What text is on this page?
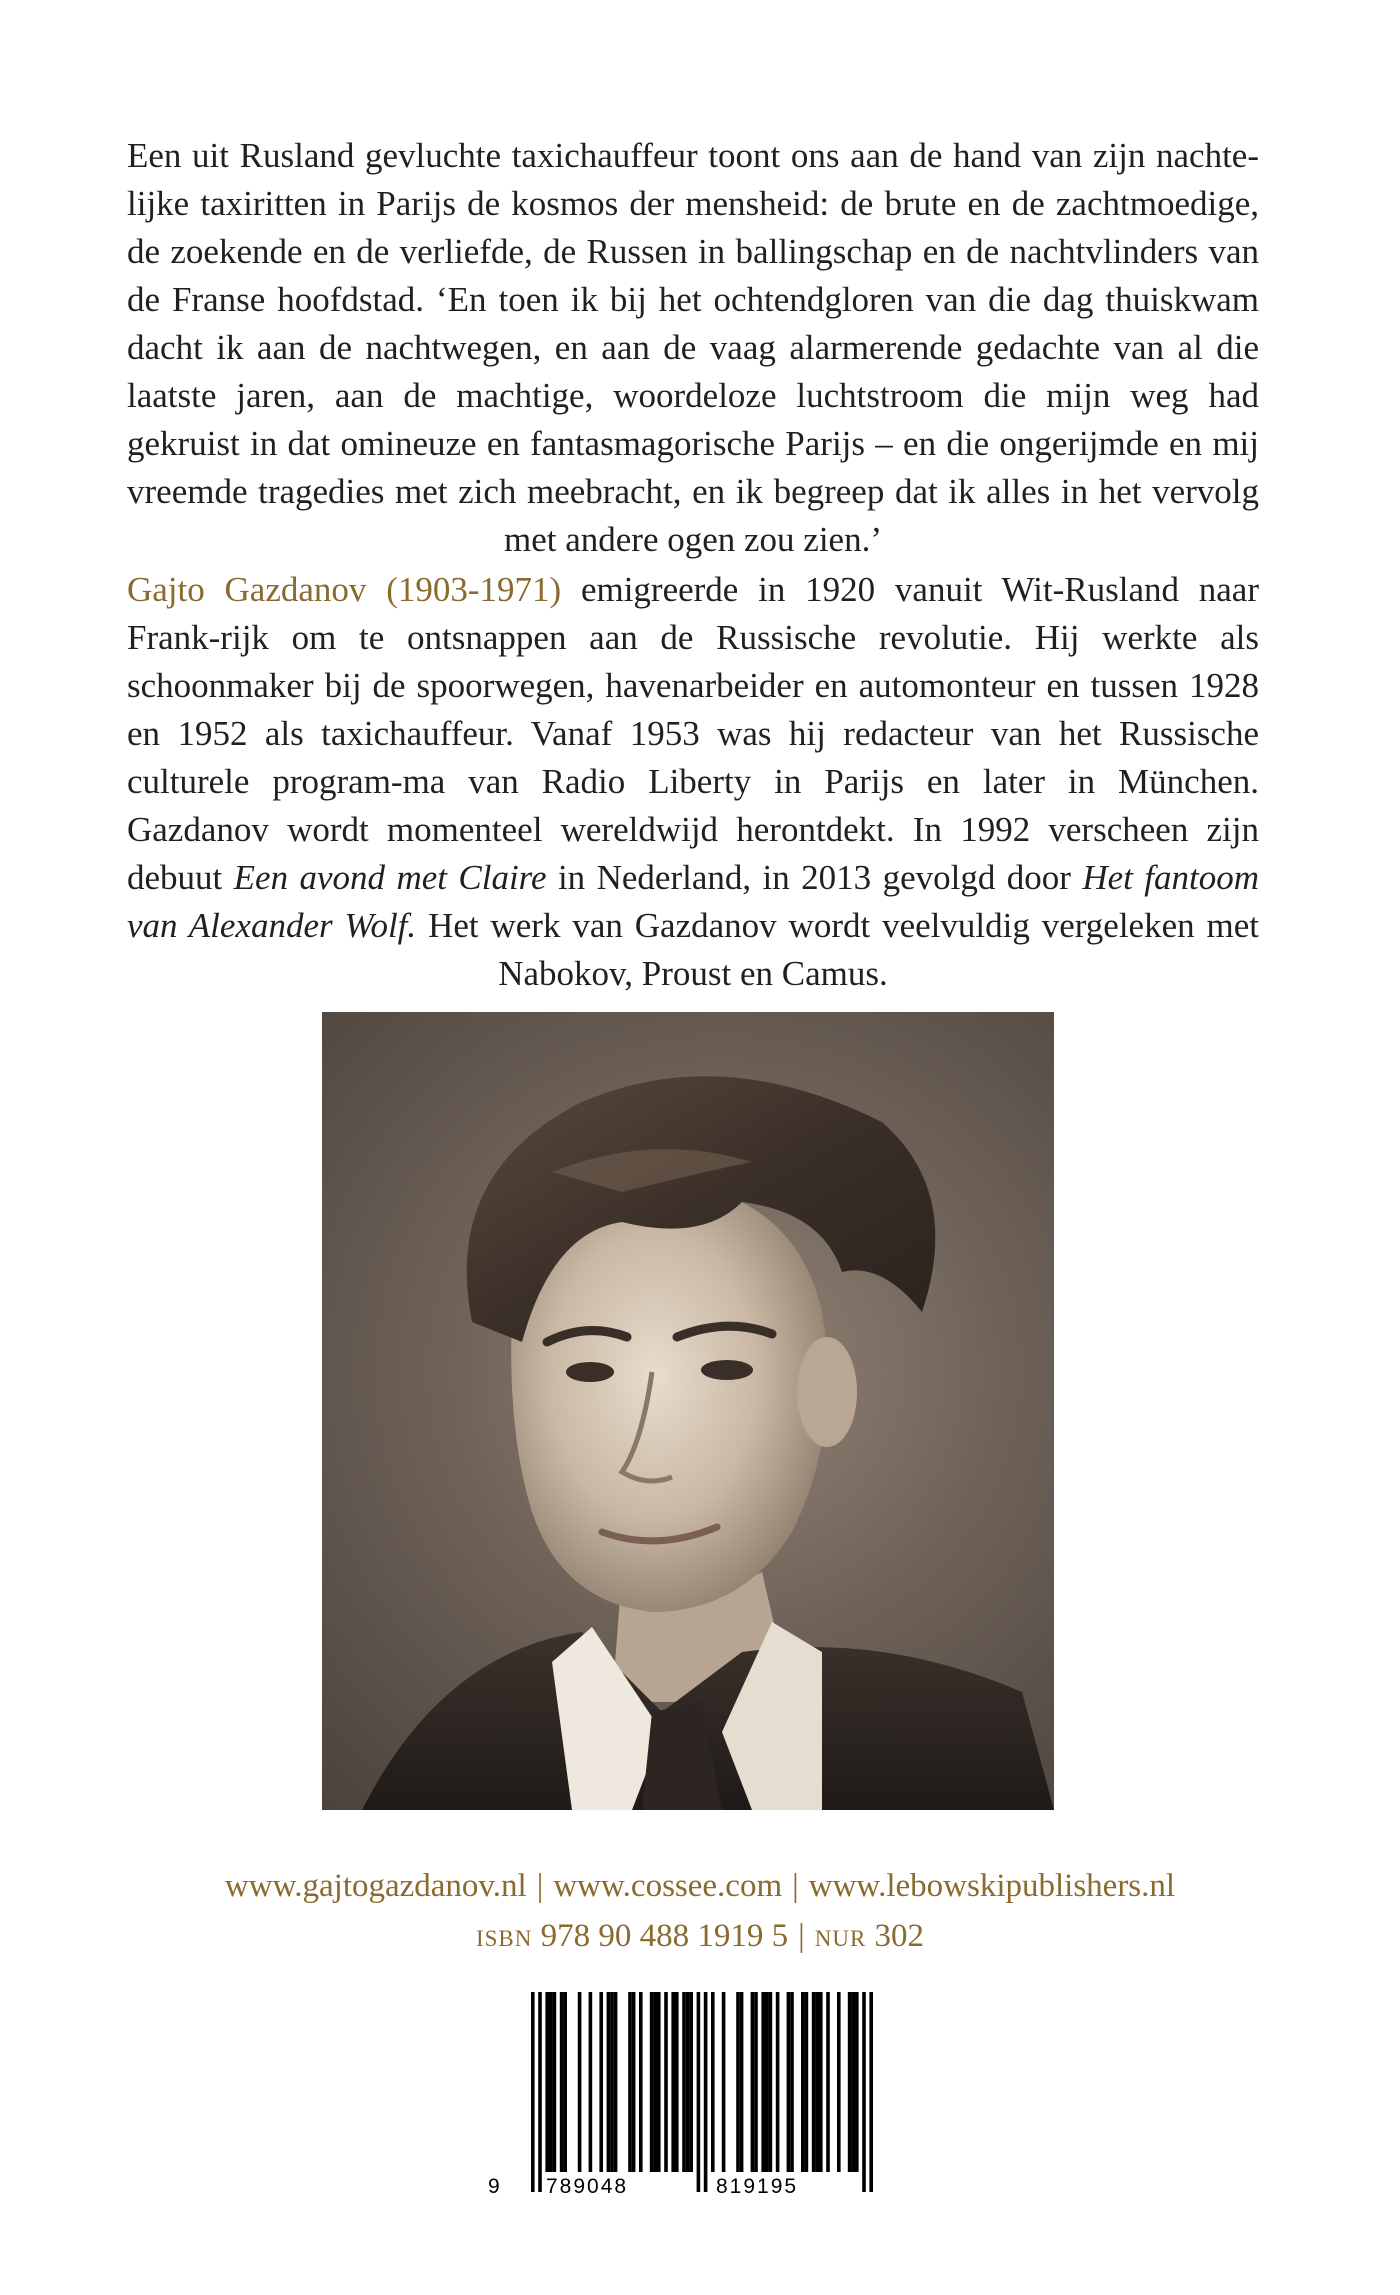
Een uit Rusland gevluchte taxichauffeur toont ons aan de hand van zijn nachte-lijke taxiritten in Parijs de kosmos der mensheid: de brute en de zachtmoedige, de zoekende en de verliefde, de Russen in ballingschap en de nachtvlinders van de Franse hoofdstad. ‘En toen ik bij het ochtendgloren van die dag thuiskwam dacht ik aan de nachtwegen, en aan de vaag alarmerende gedachte van al die laatste jaren, aan de machtige, woordeloze luchtstroom die mijn weg had gekruist in dat omineuze en fantasmagorische Parijs – en die ongerijmde en mij vreemde tragedies met zich meebracht, en ik begreep dat ik alles in het vervolg met andere ogen zou zien.’

Gajto Gazdanov (1903-1971) emigreerde in 1920 vanuit Wit-Rusland naar Frank-rijk om te ontsnappen aan de Russische revolutie. Hij werkte als schoonmaker bij de spoorwegen, havenarbeider en automonteur en tussen 1928 en 1952 als taxichauffeur. Vanaf 1953 was hij redacteur van het Russische culturele program-ma van Radio Liberty in Parijs en later in München. Gazdanov wordt momenteel wereldwijd herontdekt. In 1992 verscheen zijn debuut Een avond met Claire in Nederland, in 2013 gevolgd door Het fantoom van Alexander Wolf. Het werk van Gazdanov wordt veelvuldig vergeleken met Nabokov, Proust en Camus.

www.gajtogazdanov.nl | www.cossee.com | www.lebowskipublishers.nl
ISBN 978 90 488 1919 5 | NUR 302
9 789048	819195
